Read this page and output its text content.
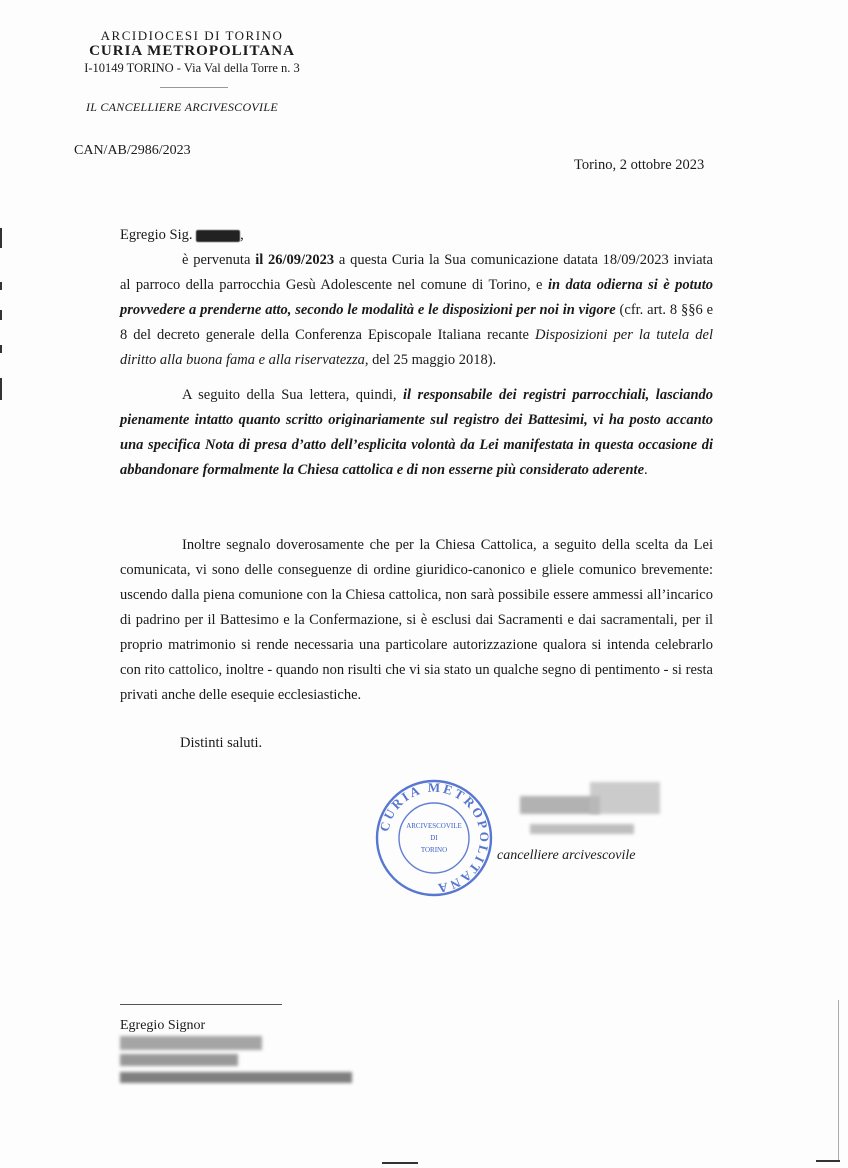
ARCIDIOCESI DI TORINO
CURIA METROPOLITANA
I-10149 TORINO - Via Val della Torre n. 3
IL CANCELLIERE ARCIVESCOVILE
CAN/AB/2986/2023
Torino, 2 ottobre 2023
Egregio Sig.	,
è pervenuta il 26/09/2023 a questa Curia la Sua comunicazione datata 18/09/2023 inviata al parroco della parrocchia Gesù Adolescente nel comune di Torino, e in data odierna si è potuto provvedere a prenderne atto, secondo le modalità e le disposizioni per noi in vigore (cfr. art. 8 §§6 e 8 del decreto generale della Conferenza Episcopale Italiana recante Disposizioni per la tutela del diritto alla buona fama e alla riservatezza, del 25 maggio 2018).
A seguito della Sua lettera, quindi, il responsabile dei registri parrocchiali, lasciando pienamente intatto quanto scritto originariamente sul registro dei Battesimi, vi ha posto accanto una specifica Nota di presa d’atto dell’esplicita volontà da Lei manifestata in questa occasione di abbandonare formalmente la Chiesa cattolica e di non esserne più considerato aderente.
Inoltre segnalo doverosamente che per la Chiesa Cattolica, a seguito della scelta da Lei comunicata, vi sono delle conseguenze di ordine giuridico-canonico e gliele comunico brevemente: uscendo dalla piena comunione con la Chiesa cattolica, non sarà possibile essere ammessi all’incarico di padrino per il Battesimo e la Confermazione, si è esclusi dai Sacramenti e dai sacramentali, per il proprio matrimonio si rende necessaria una particolare autorizzazione qualora si intenda celebrarlo con rito cattolico, inoltre - quando non risulti che vi sia stato un qualche segno di pentimento - si resta privati anche delle esequie ecclesiastiche.
Distinti saluti.
CURIA METROPOLITANA
ARCIVESCOVILE
DI
TORINO	cancelliere arcivescovile
Egregio Signor
